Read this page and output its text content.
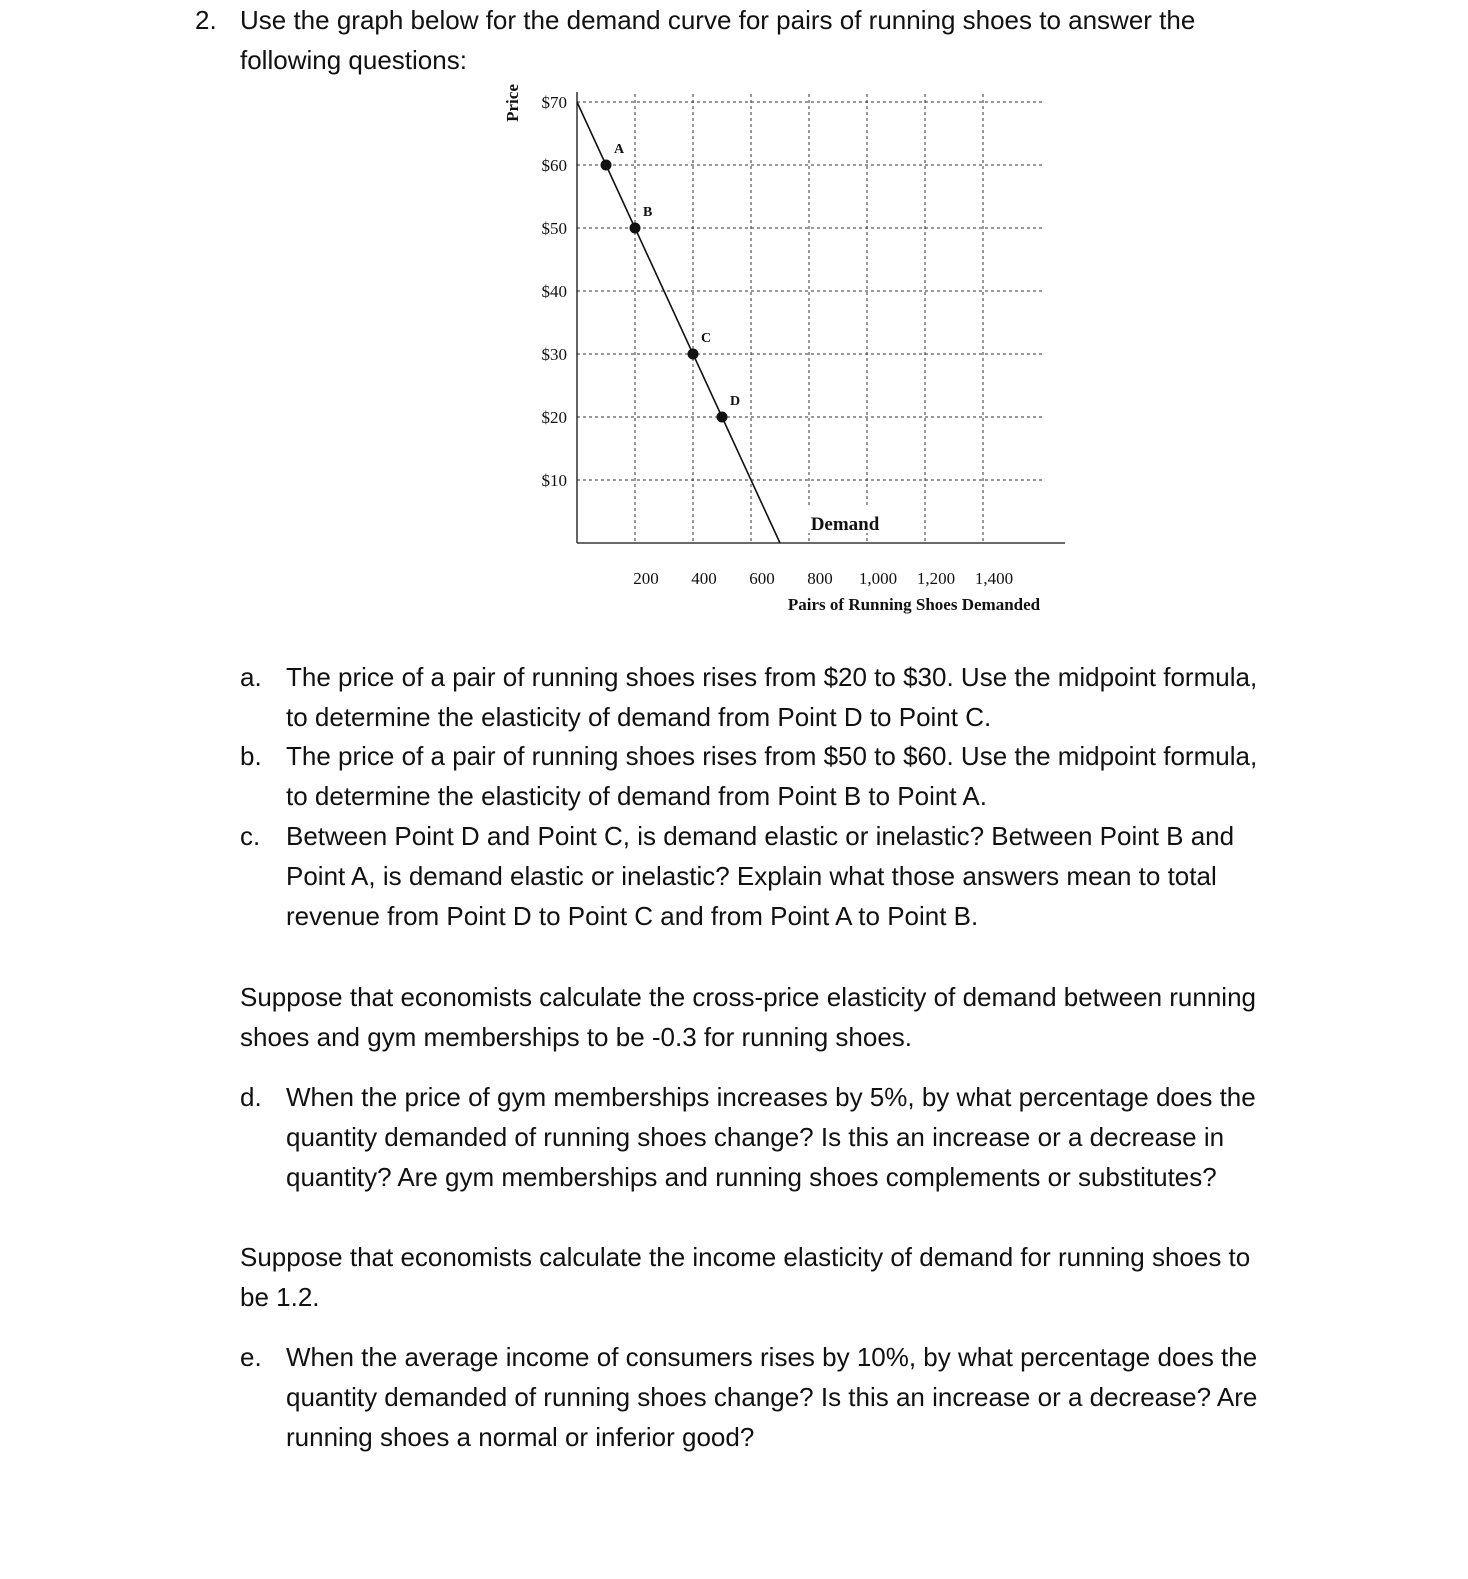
2. Use the graph below for the demand curve for pairs of running shoes to answer the
following questions:
$10
$20
$30
$40
$50
$60
$70
200 400 600 800 1,000 1,200 1,400
Demand
A
B
C
D
Pairs of Running Shoes Demanded
Price
a. The price of a pair of running shoes rises from $20 to $30. Use the midpoint formula,
to determine the elasticity of demand from Point D to Point C.
b. The price of a pair of running shoes rises from $50 to $60. Use the midpoint formula,
to determine the elasticity of demand from Point B to Point A.
c. Between Point D and Point C, is demand elastic or inelastic? Between Point B and
Point A, is demand elastic or inelastic? Explain what those answers mean to total
revenue from Point D to Point C and from Point A to Point B.
Suppose that economists calculate the cross-price elasticity of demand between running
shoes and gym memberships to be -0.3 for running shoes.
d. When the price of gym memberships increases by 5%, by what percentage does the
quantity demanded of running shoes change? Is this an increase or a decrease in
quantity? Are gym memberships and running shoes complements or substitutes?
Suppose that economists calculate the income elasticity of demand for running shoes to
be 1.2.
e. When the average income of consumers rises by 10%, by what percentage does the
quantity demanded of running shoes change? Is this an increase or a decrease? Are
running shoes a normal or inferior good?
